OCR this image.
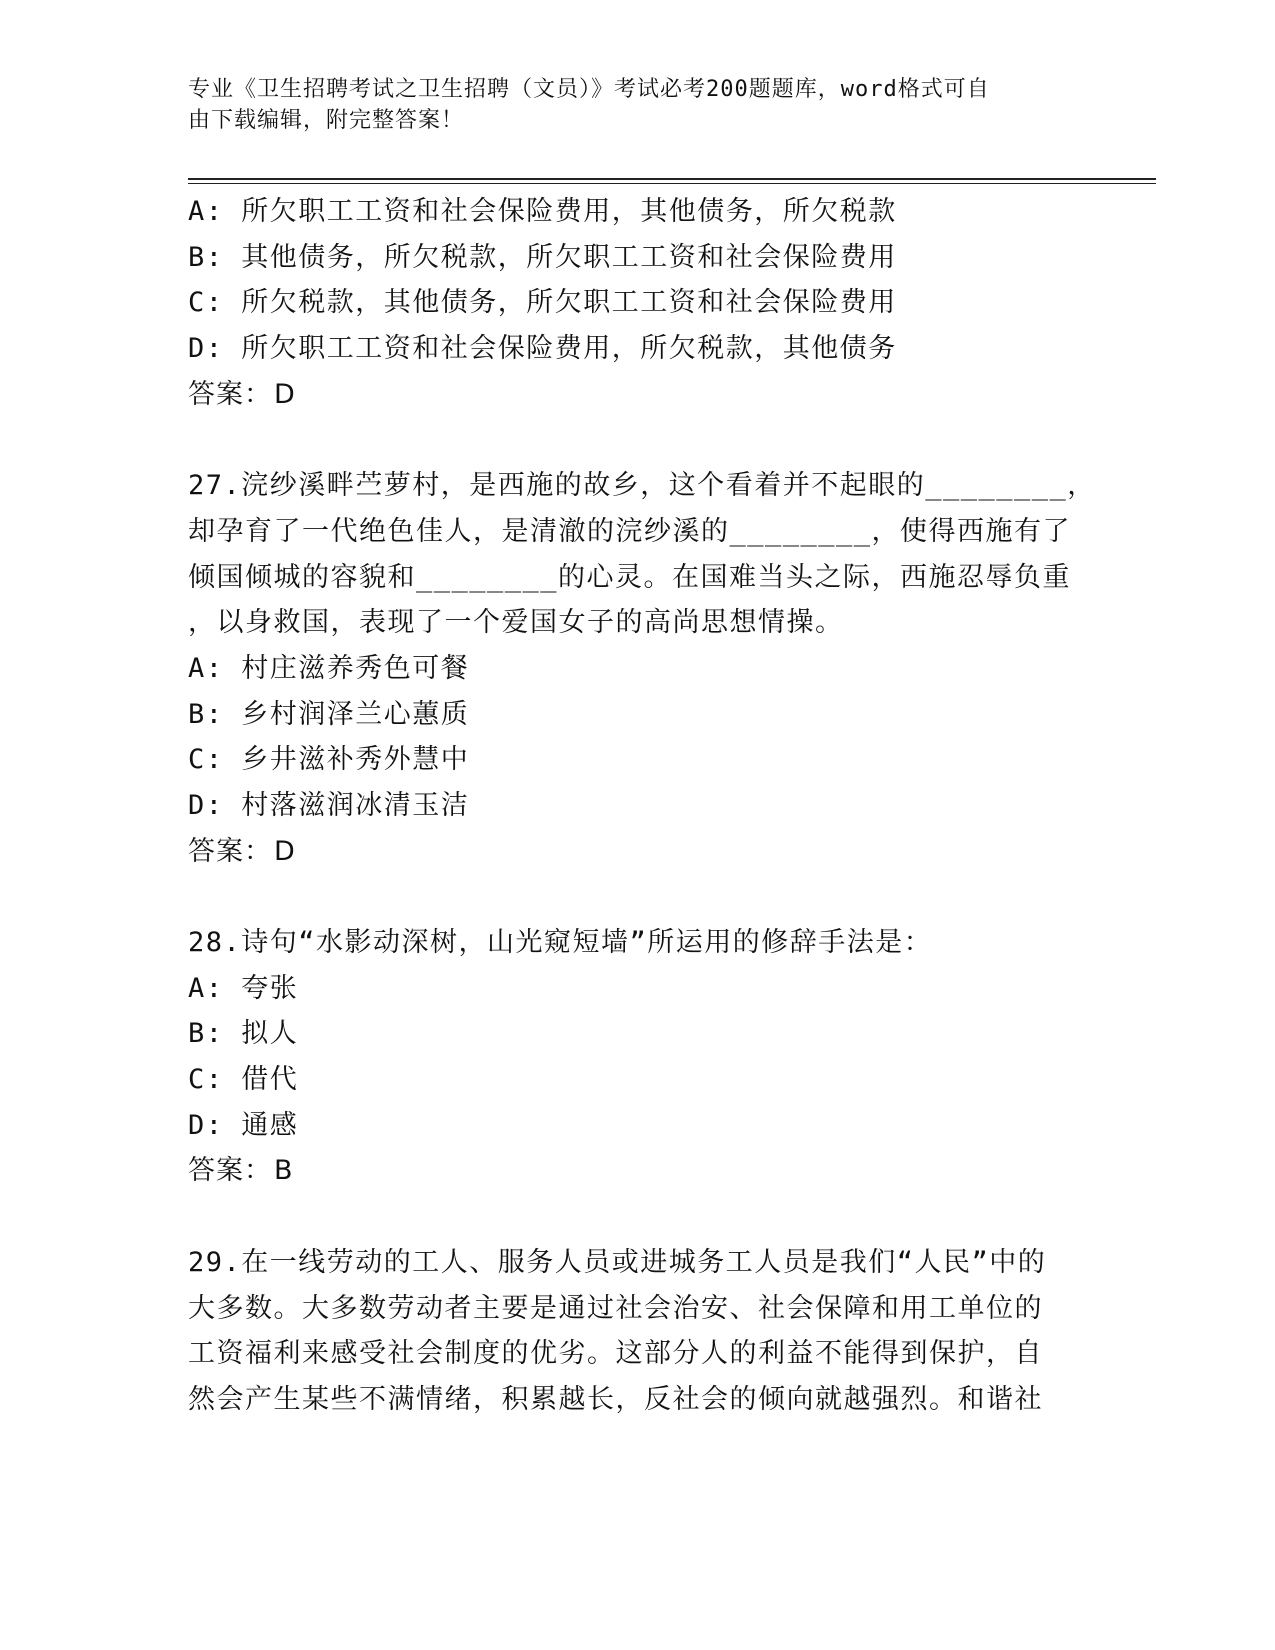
专业《卫生招聘考试之卫生招聘（文员）》考试必考200题题库，word格式可自
由下载编辑，附完整答案！
A: 所欠职工工资和社会保险费用，其他债务，所欠税款
B: 其他债务，所欠税款，所欠职工工资和社会保险费用
C: 所欠税款，其他债务，所欠职工工资和社会保险费用
D: 所欠职工工资和社会保险费用，所欠税款，其他债务
答案：D
27.浣纱溪畔苎萝村，是西施的故乡，这个看着并不起眼的________，
却孕育了一代绝色佳人，是清澈的浣纱溪的________，使得西施有了
倾国倾城的容貌和________的心灵。在国难当头之际，西施忍辱负重
，以身救国，表现了一个爱国女子的高尚思想情操。
A: 村庄滋养秀色可餐
B: 乡村润泽兰心蕙质
C: 乡井滋补秀外慧中
D: 村落滋润冰清玉洁
答案：D
28.诗句“水影动深树，山光窥短墙”所运用的修辞手法是：
A: 夸张
B: 拟人
C: 借代
D: 通感
答案：B
29.在一线劳动的工人、服务人员或进城务工人员是我们“人民”中的
大多数。大多数劳动者主要是通过社会治安、社会保障和用工单位的
工资福利来感受社会制度的优劣。这部分人的利益不能得到保护，自
然会产生某些不满情绪，积累越长，反社会的倾向就越强烈。和谐社
